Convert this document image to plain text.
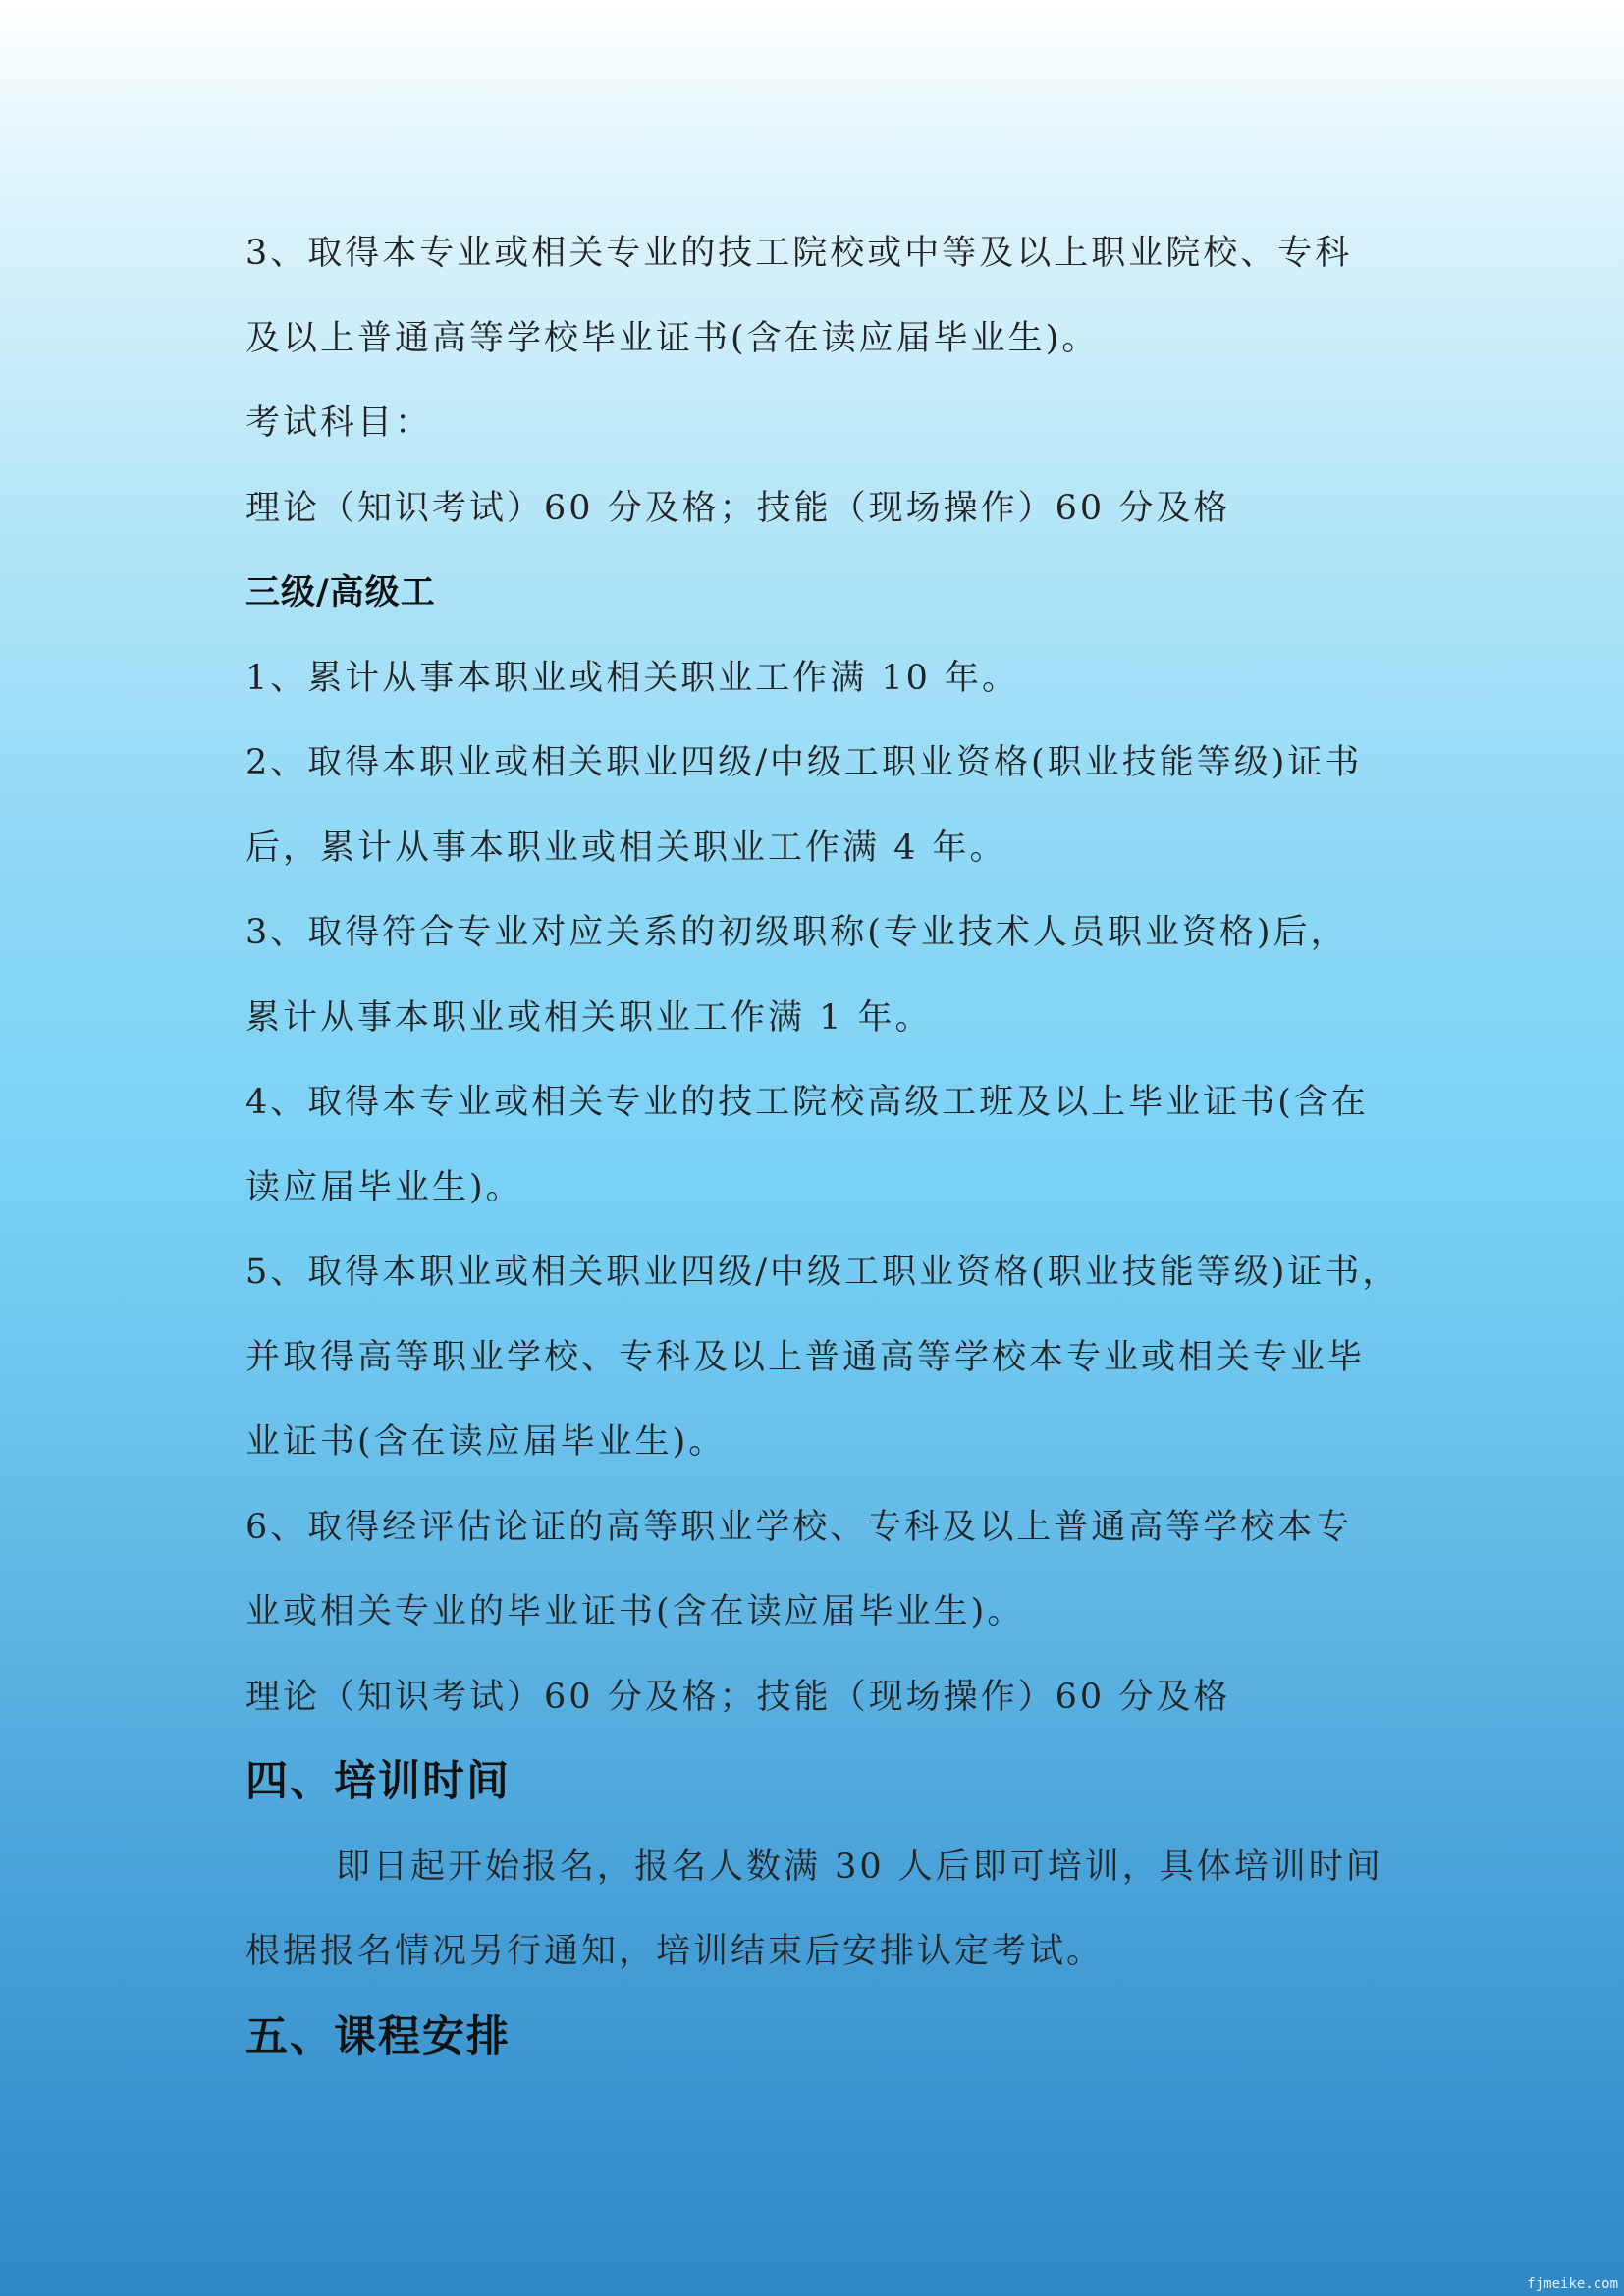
3、取得本专业或相关专业的技工院校或中等及以上职业院校、专科

及以上普通高等学校毕业证书(含在读应届毕业生)。

考试科目：

理论（知识考试）60 分及格；技能（现场操作）60 分及格

三级/高级工

1、累计从事本职业或相关职业工作满 10 年。

2、取得本职业或相关职业四级/中级工职业资格(职业技能等级)证书

后，累计从事本职业或相关职业工作满 4 年。

3、取得符合专业对应关系的初级职称(专业技术人员职业资格)后，

累计从事本职业或相关职业工作满 1 年。

4、取得本专业或相关专业的技工院校高级工班及以上毕业证书(含在

读应届毕业生)。

5、取得本职业或相关职业四级/中级工职业资格(职业技能等级)证书，

并取得高等职业学校、专科及以上普通高等学校本专业或相关专业毕

业证书(含在读应届毕业生)。

6、取得经评估论证的高等职业学校、专科及以上普通高等学校本专

业或相关专业的毕业证书(含在读应届毕业生)。

理论（知识考试）60 分及格；技能（现场操作）60 分及格

四、培训时间

即日起开始报名，报名人数满 30 人后即可培训，具体培训时间

根据报名情况另行通知，培训结束后安排认定考试。

五、课程安排

fjmeike.com
